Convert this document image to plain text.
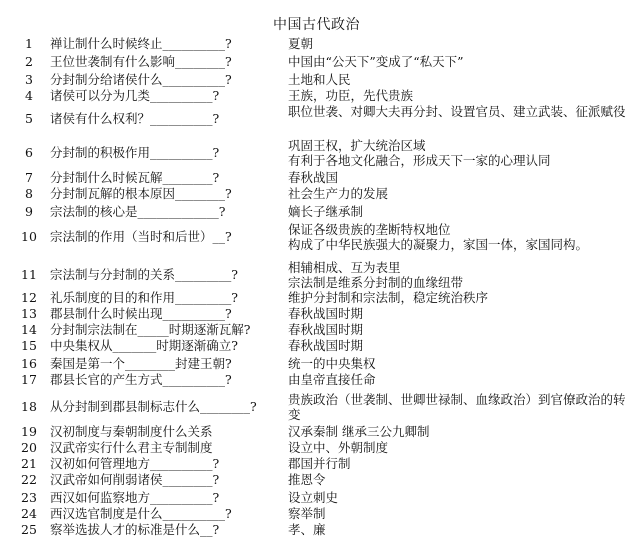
中国古代政治
1	禅让制什么时候终止__________?	夏朝
2	王位世袭制有什么影响________?	中国由“公天下”变成了“私天下”
3	分封制分给诸侯什么__________?	土地和人民
4	诸侯可以分为几类__________?	王族，功臣，先代贵族
5	诸侯有什么权利？__________?	职位世袭、对卿大夫再分封、设置官员、建立武装、征派赋役
6	分封制的积极作用__________?	巩固王权，扩大统治区域
有利于各地文化融合，形成天下一家的心理认同
7	分封制什么时候瓦解________?	春秋战国
8	分封制瓦解的根本原因________?	社会生产力的发展
9	宗法制的核心是_____________?	嫡长子继承制
10 宗法制的作用（当时和后世）__?	保证各级贵族的垄断特权地位
构成了中华民族强大的凝聚力，家国一体，家国同构。
11 宗法制与分封制的关系_________?	相辅相成、互为表里
宗法制是维系分封制的血缘纽带
12 礼乐制度的目的和作用_________?	维护分封制和宗法制，稳定统治秩序
13 郡县制什么时候出现__________?	春秋战国时期
14 分封制宗法制在_____时期逐渐瓦解?	春秋战国时期
15 中央集权从_______时期逐渐确立?	春秋战国时期
16 秦国是第一个________封建王朝?	统一的中央集权
17 郡县长官的产生方式__________?	由皇帝直接任命
18 从分封制到郡县制标志什么________?	贵族政治（世袭制、世卿世禄制、血缘政治）到官僚政治的转变
19 汉初制度与秦朝制度什么关系	汉承秦制 继承三公九卿制
20 汉武帝实行什么君主专制制度	设立中、外朝制度
21 汉初如何管理地方__________?	郡国并行制
22 汉武帝如何削弱诸侯________?	推恩令
23 西汉如何监察地方__________?	设立刺史
24 西汉选官制度是什么__________?	察举制
25 察举选拔人才的标准是什么__?	孝、廉
